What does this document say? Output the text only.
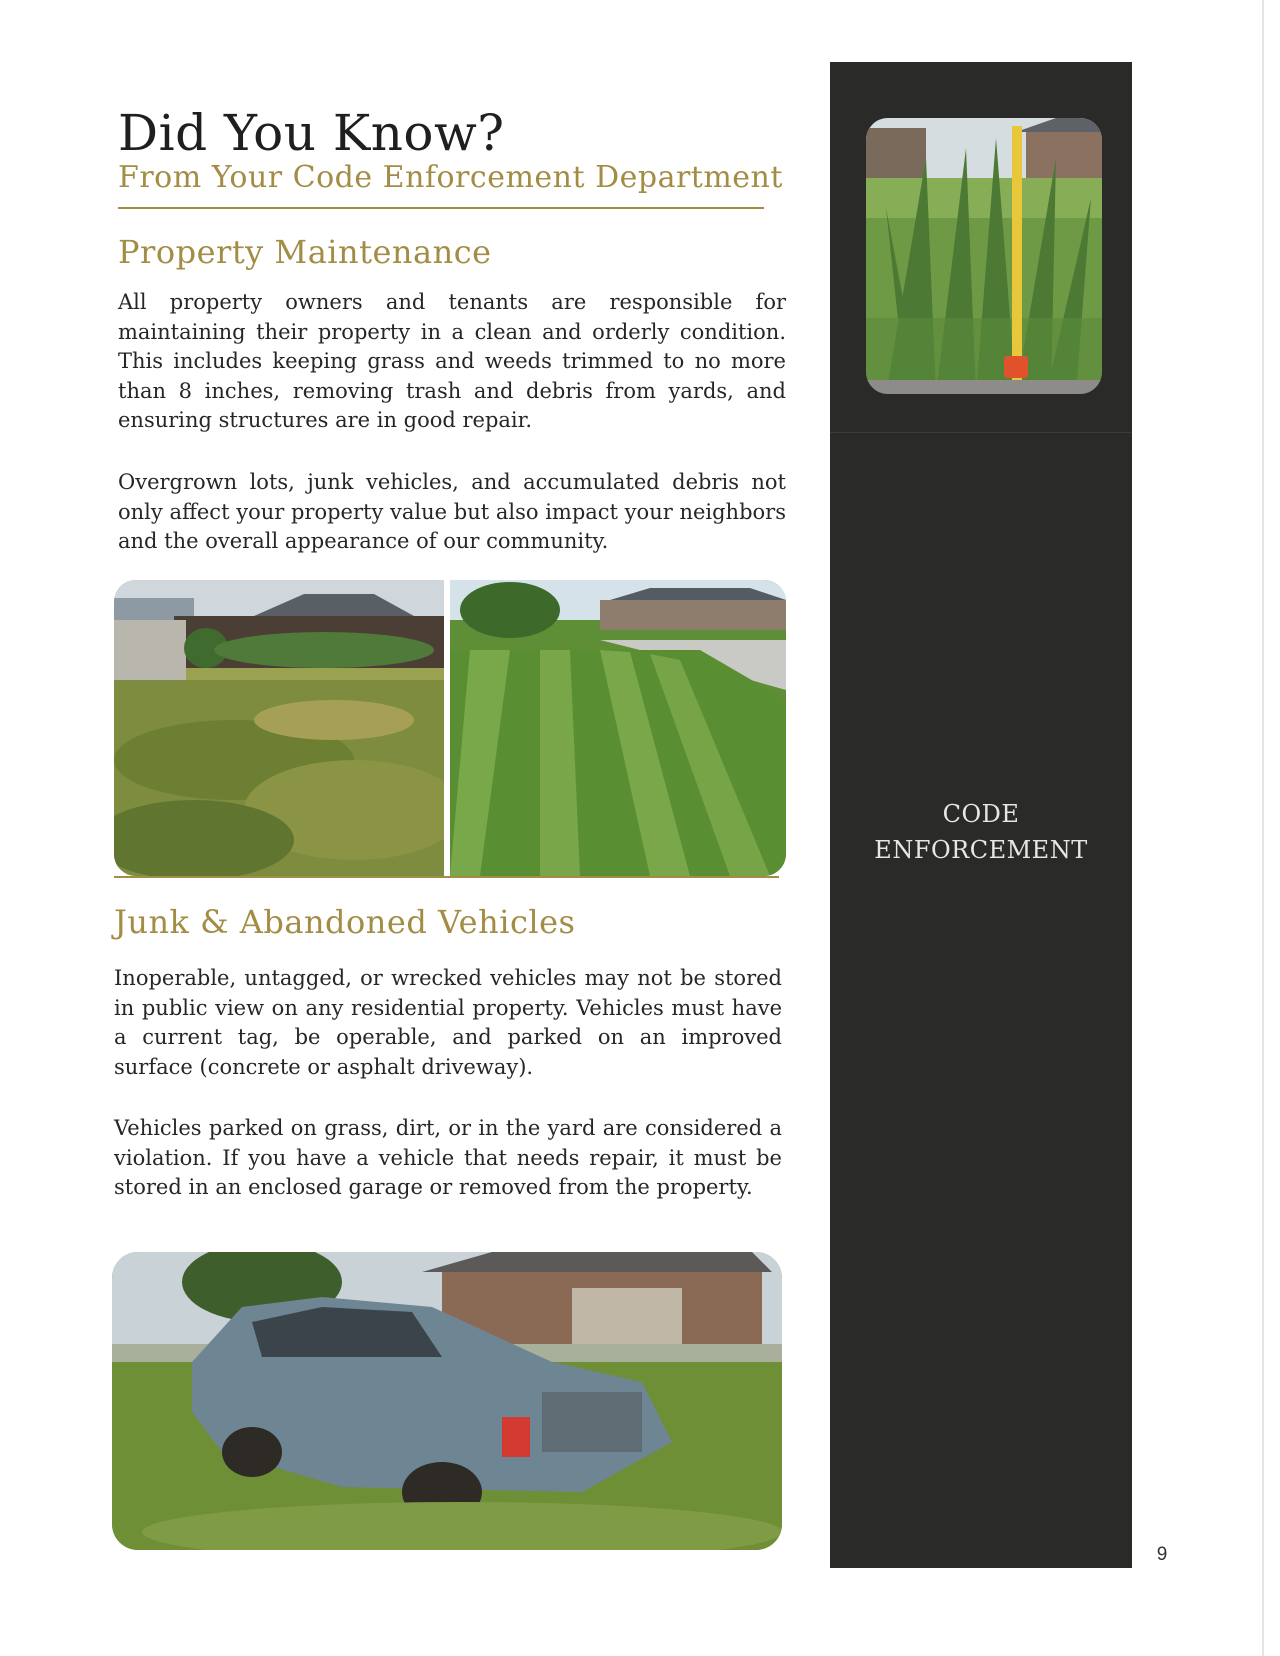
Did You Know?
From Your Code Enforcement Department
Property Maintenance

All property owners and tenants are responsible for maintaining their property in a clean and orderly condition. This includes keeping grass and weeds trimmed to no more than 8 inches, removing trash and debris from yards, and ensuring structures are in good repair.

Overgrown lots, junk vehicles, and accumulated debris not only affect your property value but also impact your neighbors and the overall appearance of our community.

Junk & Abandoned Vehicles

Inoperable, untagged, or wrecked vehicles may not be stored in public view on any residential property. Vehicles must have a current tag, be operable, and parked on an improved surface (concrete or asphalt driveway).

Vehicles parked on grass, dirt, or in the yard are considered a violation. If you have a vehicle that needs repair, it must be stored in an enclosed garage or removed from the property.

CODE
ENFORCEMENT
9
